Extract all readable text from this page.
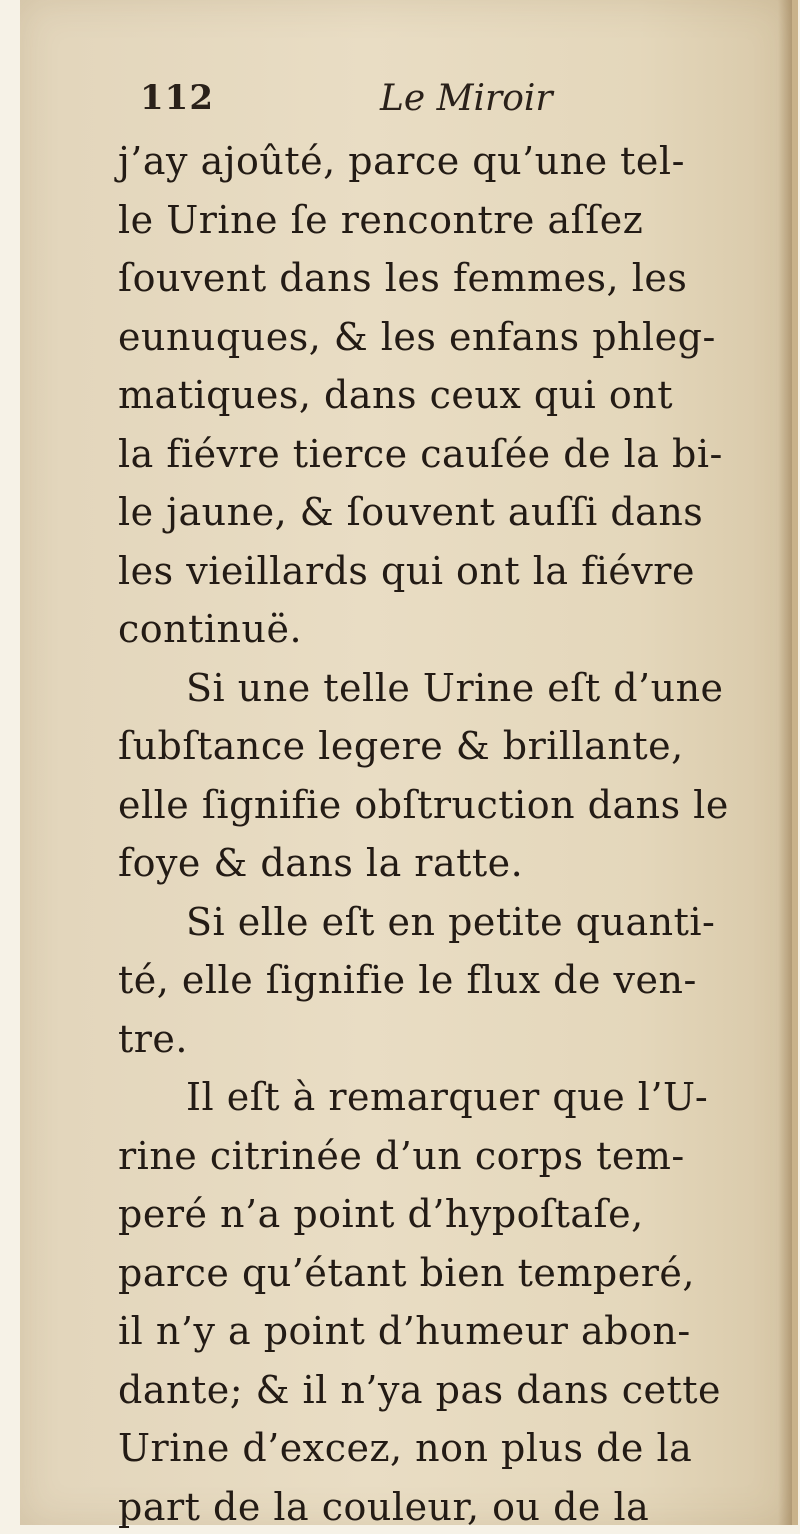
112	Le Miroir
j’ay ajoûté, parce qu’une tel-
le Urine ſe rencontre aſſez
ſouvent dans les femmes, les
eunuques, & les enfans phleg-
matiques, dans ceux qui ont
la fiévre tierce cauſée de la bi-
le jaune, & ſouvent auſſi dans
les vieillards qui ont la fiévre
continuë.
Si une telle Urine eſt d’une
ſubſtance legere & brillante,
elle ſignifie obſtruction dans le
foye & dans la ratte.
Si elle eſt en petite quanti-
té, elle ſignifie le flux de ven-
tre.
Il eſt à remarquer que l’U-
rine citrinée d’un corps tem-
peré n’a point d’hypoſtaſe,
parce qu’étant bien temperé,
il n’y a point d’humeur abon-
dante; & il n’ya pas dans cette
Urine d’excez, non plus de la
part de la couleur, ou de la
